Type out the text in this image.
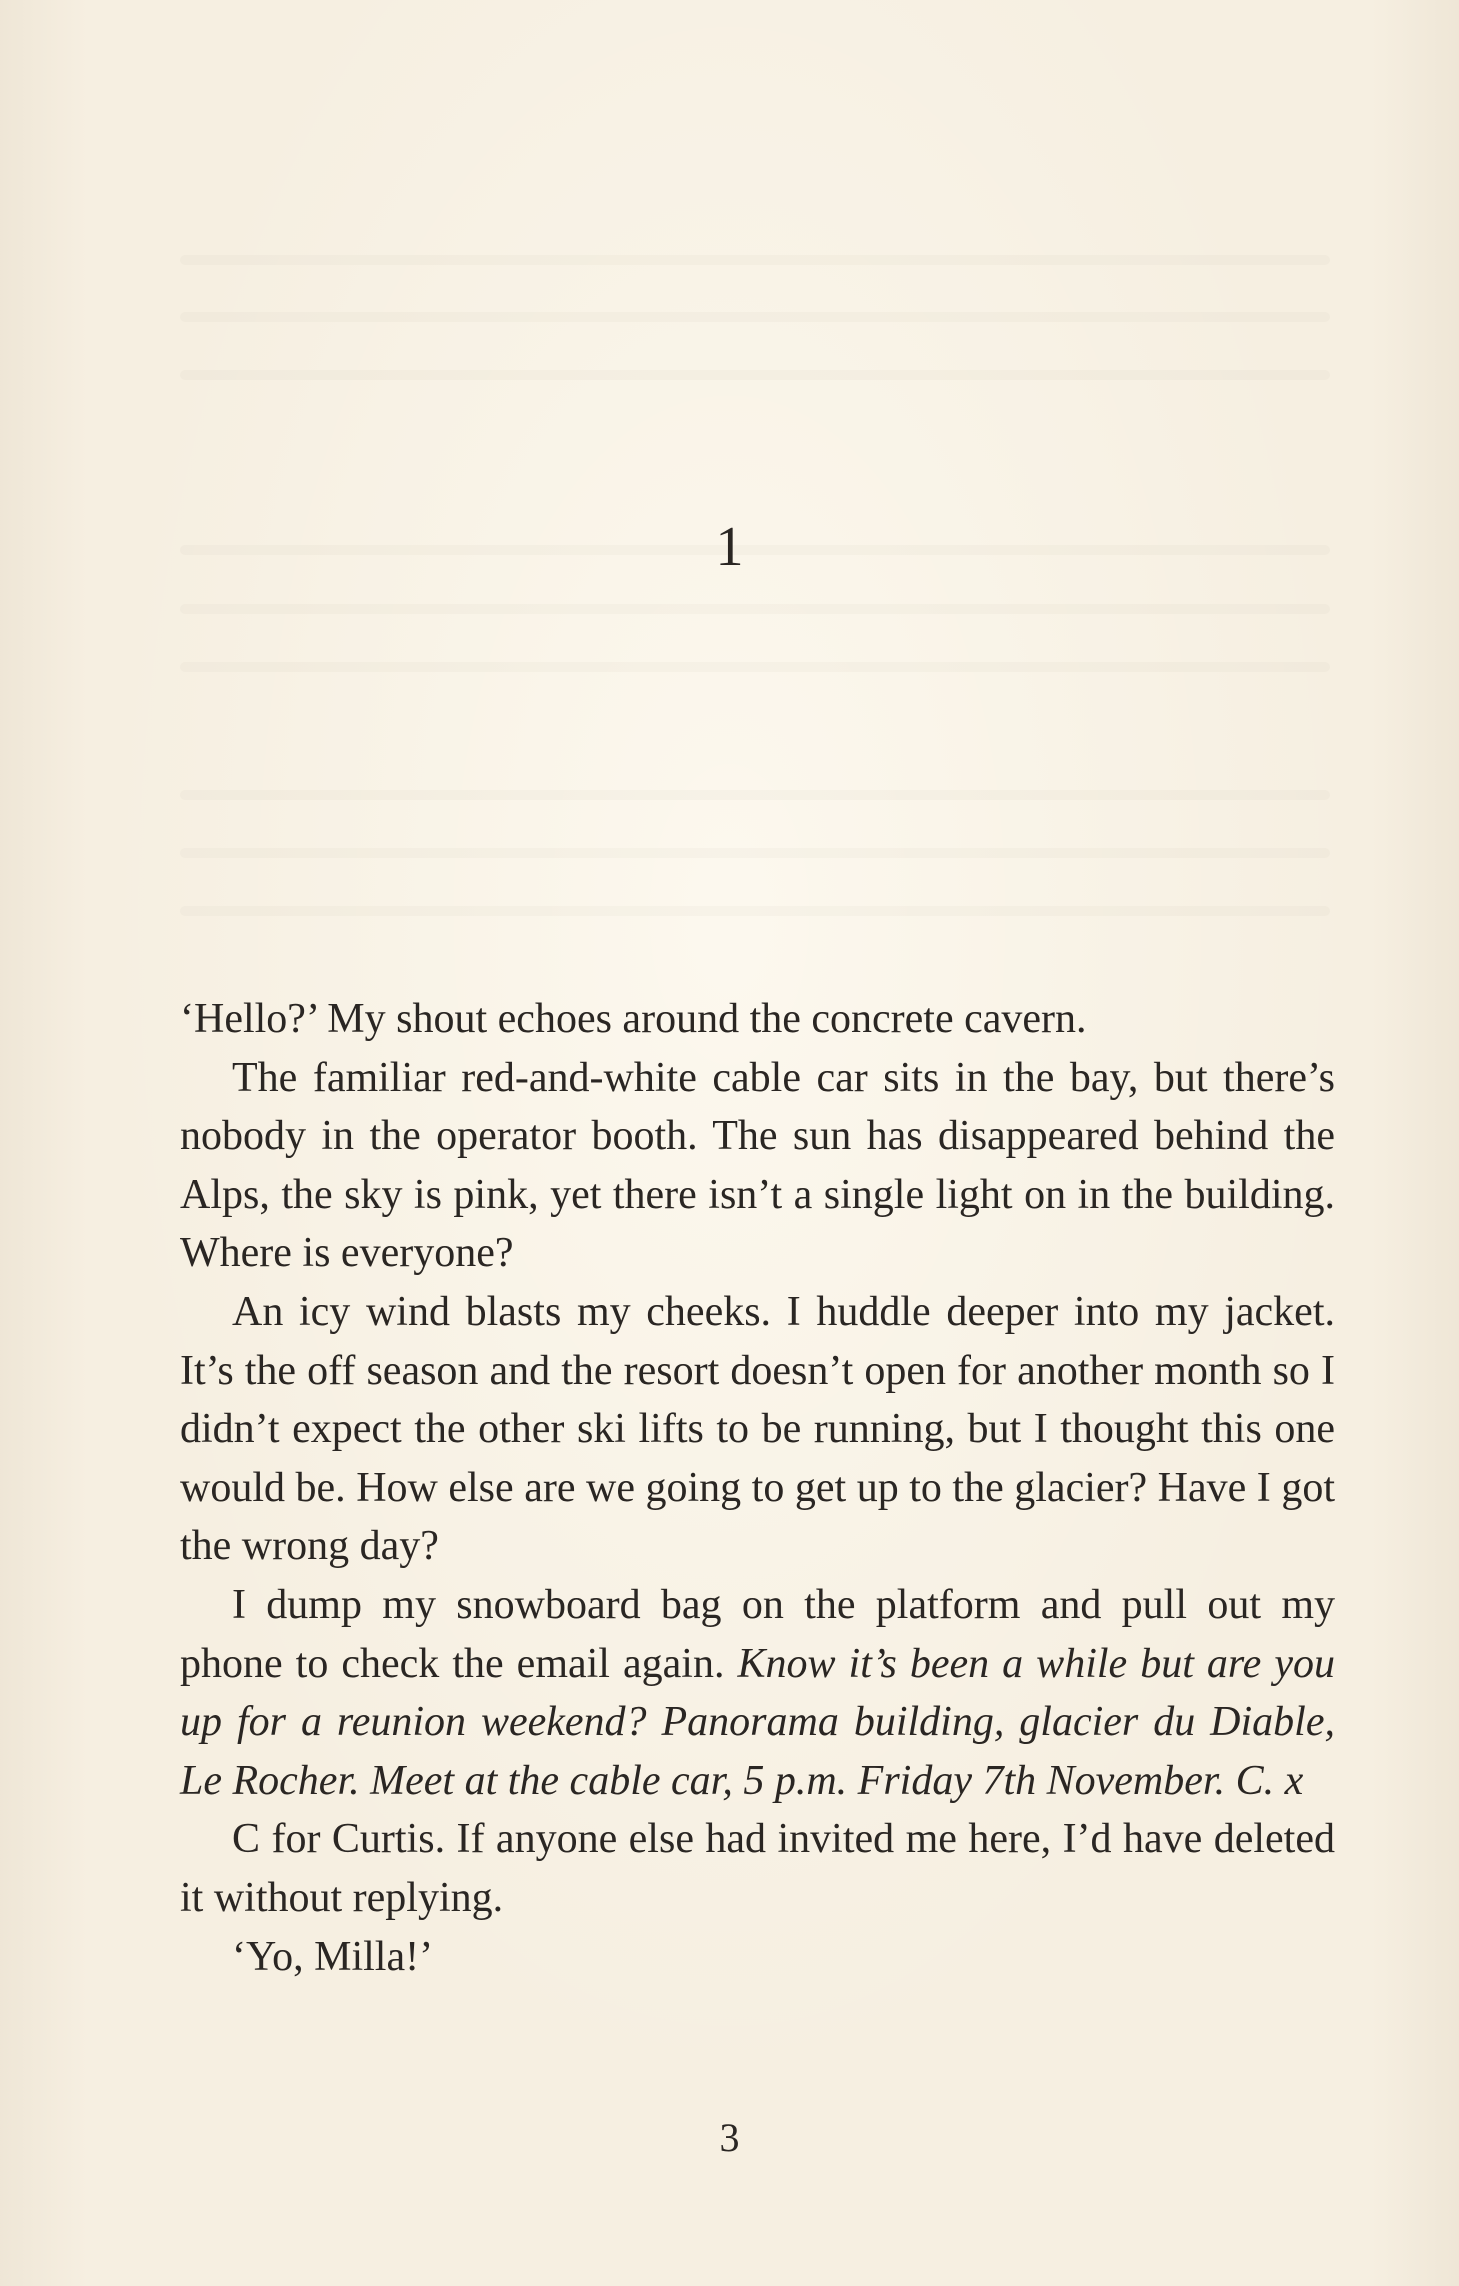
1

‘Hello?’ My shout echoes around the concrete cavern.

The familiar red-and-white cable car sits in the bay, but there’s nobody in the operator booth. The sun has disappeared behind the Alps, the sky is pink, yet there isn’t a single light on in the building. Where is everyone?

An icy wind blasts my cheeks. I huddle deeper into my jacket. It’s the off season and the resort doesn’t open for another month so I didn’t expect the other ski lifts to be running, but I thought this one would be. How else are we going to get up to the glacier? Have I got the wrong day?

I dump my snowboard bag on the platform and pull out my phone to check the email again. Know it’s been a while but are you up for a reunion weekend? Panorama building, glacier du Diable, Le Rocher. Meet at the cable car, 5 p.m. Friday 7th November. C. x

C for Curtis. If anyone else had invited me here, I’d have deleted it without replying.

‘Yo, Milla!’

3
